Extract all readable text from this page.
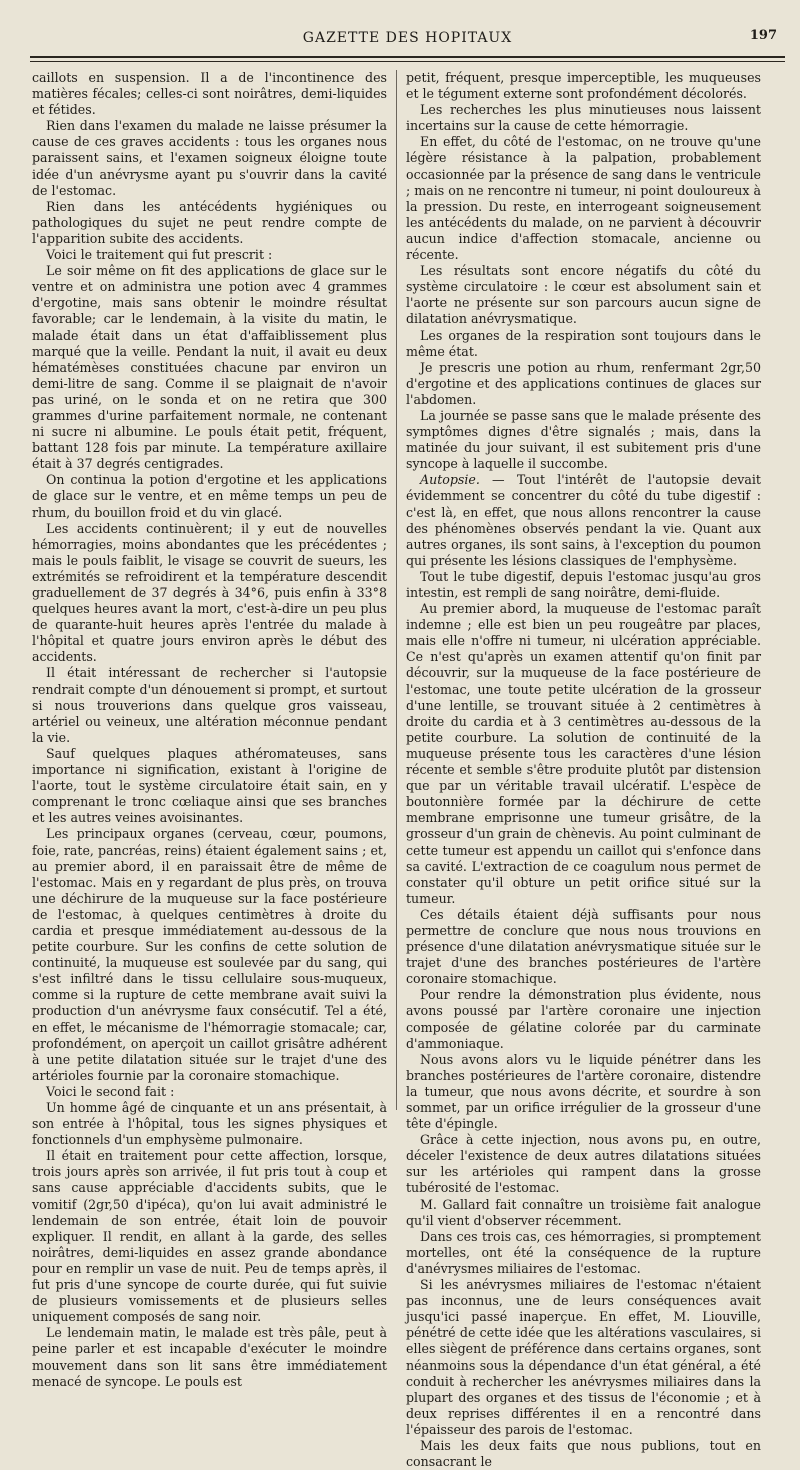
GAZETTE DES HOPITAUX	197

caillots en suspension. Il a de l'incontinence des matières fécales; celles-ci sont noirâtres, demi-liquides et fétides.

Rien dans l'examen du malade ne laisse présumer la cause de ces graves accidents : tous les organes nous paraissent sains, et l'examen soigneux éloigne toute idée d'un anévrysme ayant pu s'ouvrir dans la cavité de l'estomac.

Rien dans les antécédents hygiéniques ou pathologiques du sujet ne peut rendre compte de l'apparition subite des accidents.

Voici le traitement qui fut prescrit :

Le soir même on fit des applications de glace sur le ventre et on administra une potion avec 4 grammes d'ergotine, mais sans obtenir le moindre résultat favorable; car le lendemain, à la visite du matin, le malade était dans un état d'affaiblissement plus marqué que la veille. Pendant la nuit, il avait eu deux hématémèses constituées chacune par environ un demi-litre de sang. Comme il se plaignait de n'avoir pas uriné, on le sonda et on ne retira que 300 grammes d'urine parfaitement normale, ne contenant ni sucre ni albumine. Le pouls était petit, fréquent, battant 128 fois par minute. La température axillaire était à 37 degrés centigrades.

On continua la potion d'ergotine et les applications de glace sur le ventre, et en même temps un peu de rhum, du bouillon froid et du vin glacé.

Les accidents continuèrent; il y eut de nouvelles hémorragies, moins abondantes que les précédentes ; mais le pouls faiblit, le visage se couvrit de sueurs, les extrémités se refroidirent et la température descendit graduellement de 37 degrés à 34°6, puis enfin à 33°8 quelques heures avant la mort, c'est-à-dire un peu plus de quarante-huit heures après l'entrée du malade à l'hôpital et quatre jours environ après le début des accidents.

Il était intéressant de rechercher si l'autopsie rendrait compte d'un dénouement si prompt, et surtout si nous trouverions dans quelque gros vaisseau, artériel ou veineux, une altération méconnue pendant la vie.

Sauf quelques plaques athéromateuses, sans importance ni signification, existant à l'origine de l'aorte, tout le système circulatoire était sain, en y comprenant le tronc cœliaque ainsi que ses branches et les autres veines avoisinantes.

Les principaux organes (cerveau, cœur, poumons, foie, rate, pancréas, reins) étaient également sains ; et, au premier abord, il en paraissait être de même de l'estomac. Mais en y regardant de plus près, on trouva une déchirure de la muqueuse sur la face postérieure de l'estomac, à quelques centimètres à droite du cardia et presque immédiatement au-dessous de la petite courbure. Sur les confins de cette solution de continuité, la muqueuse est soulevée par du sang, qui s'est infiltré dans le tissu cellulaire sous-muqueux, comme si la rupture de cette membrane avait suivi la production d'un anévrysme faux consécutif. Tel a été, en effet, le mécanisme de l'hémorragie stomacale; car, profondément, on aperçoit un caillot grisâtre adhérent à une petite dilatation située sur le trajet d'une des artérioles fournie par la coronaire stomachique.

Voici le second fait :

Un homme âgé de cinquante et un ans présentait, à son entrée à l'hôpital, tous les signes physiques et fonctionnels d'un emphysème pulmonaire.

Il était en traitement pour cette affection, lorsque, trois jours après son arrivée, il fut pris tout à coup et sans cause appréciable d'accidents subits, que le vomitif (2gr,50 d'ipéca), qu'on lui avait administré le lendemain de son entrée, était loin de pouvoir expliquer. Il rendit, en allant à la garde, des selles noirâtres, demi-liquides en assez grande abondance pour en remplir un vase de nuit. Peu de temps après, il fut pris d'une syncope de courte durée, qui fut suivie de plusieurs vomissements et de plusieurs selles uniquement composés de sang noir.

Le lendemain matin, le malade est très pâle, peut à peine parler et est incapable d'exécuter le moindre mouvement dans son lit sans être immédiatement menacé de syncope. Le pouls est

petit, fréquent, presque imperceptible, les muqueuses et le tégument externe sont profondément décolorés.

Les recherches les plus minutieuses nous laissent incertains sur la cause de cette hémorragie.

En effet, du côté de l'estomac, on ne trouve qu'une légère résistance à la palpation, probablement occasionnée par la présence de sang dans le ventricule ; mais on ne rencontre ni tumeur, ni point douloureux à la pression. Du reste, en interrogeant soigneusement les antécédents du malade, on ne parvient à découvrir aucun indice d'affection stomacale, ancienne ou récente.

Les résultats sont encore négatifs du côté du système circulatoire : le cœur est absolument sain et l'aorte ne présente sur son parcours aucun signe de dilatation anévrysmatique.

Les organes de la respiration sont toujours dans le même état.

Je prescris une potion au rhum, renfermant 2gr,50 d'ergotine et des applications continues de glaces sur l'abdomen.

La journée se passe sans que le malade présente des symptômes dignes d'être signalés ; mais, dans la matinée du jour suivant, il est subitement pris d'une syncope à laquelle il succombe.

Autopsie. — Tout l'intérêt de l'autopsie devait évidemment se concentrer du côté du tube digestif : c'est là, en effet, que nous allons rencontrer la cause des phénomènes observés pendant la vie. Quant aux autres organes, ils sont sains, à l'exception du poumon qui présente les lésions classiques de l'emphysème.

Tout le tube digestif, depuis l'estomac jusqu'au gros intestin, est rempli de sang noirâtre, demi-fluide.

Au premier abord, la muqueuse de l'estomac paraît indemne ; elle est bien un peu rougeâtre par places, mais elle n'offre ni tumeur, ni ulcération appréciable. Ce n'est qu'après un examen attentif qu'on finit par découvrir, sur la muqueuse de la face postérieure de l'estomac, une toute petite ulcération de la grosseur d'une lentille, se trouvant située à 2 centimètres à droite du cardia et à 3 centimètres au-dessous de la petite courbure. La solution de continuité de la muqueuse présente tous les caractères d'une lésion récente et semble s'être produite plutôt par distension que par un véritable travail ulcératif. L'espèce de boutonnière formée par la déchirure de cette membrane emprisonne une tumeur grisâtre, de la grosseur d'un grain de chènevis. Au point culminant de cette tumeur est appendu un caillot qui s'enfonce dans sa cavité. L'extraction de ce coagulum nous permet de constater qu'il obture un petit orifice situé sur la tumeur.

Ces détails étaient déjà suffisants pour nous permettre de conclure que nous nous trouvions en présence d'une dilatation anévrysmatique située sur le trajet d'une des branches postérieures de l'artère coronaire stomachique.

Pour rendre la démonstration plus évidente, nous avons poussé par l'artère coronaire une injection composée de gélatine colorée par du carminate d'ammoniaque.

Nous avons alors vu le liquide pénétrer dans les branches postérieures de l'artère coronaire, distendre la tumeur, que nous avons décrite, et sourdre à son sommet, par un orifice irrégulier de la grosseur d'une tête d'épingle.

Grâce à cette injection, nous avons pu, en outre, déceler l'existence de deux autres dilatations situées sur les artérioles qui rampent dans la grosse tubérosité de l'estomac.

M. Gallard fait connaître un troisième fait analogue qu'il vient d'observer récemment.

Dans ces trois cas, ces hémorragies, si promptement mortelles, ont été la conséquence de la rupture d'anévrysmes miliaires de l'estomac.

Si les anévrysmes miliaires de l'estomac n'étaient pas inconnus, une de leurs conséquences avait jusqu'ici passé inaperçue. En effet, M. Liouville, pénétré de cette idée que les altérations vasculaires, si elles siègent de préférence dans certains organes, sont néanmoins sous la dépendance d'un état général, a été conduit à rechercher les anévrysmes miliaires dans la plupart des organes et des tissus de l'économie ; et à deux reprises différentes il en a rencontré dans l'épaisseur des parois de l'estomac.

Mais les deux faits que nous publions, tout en consacrant le
